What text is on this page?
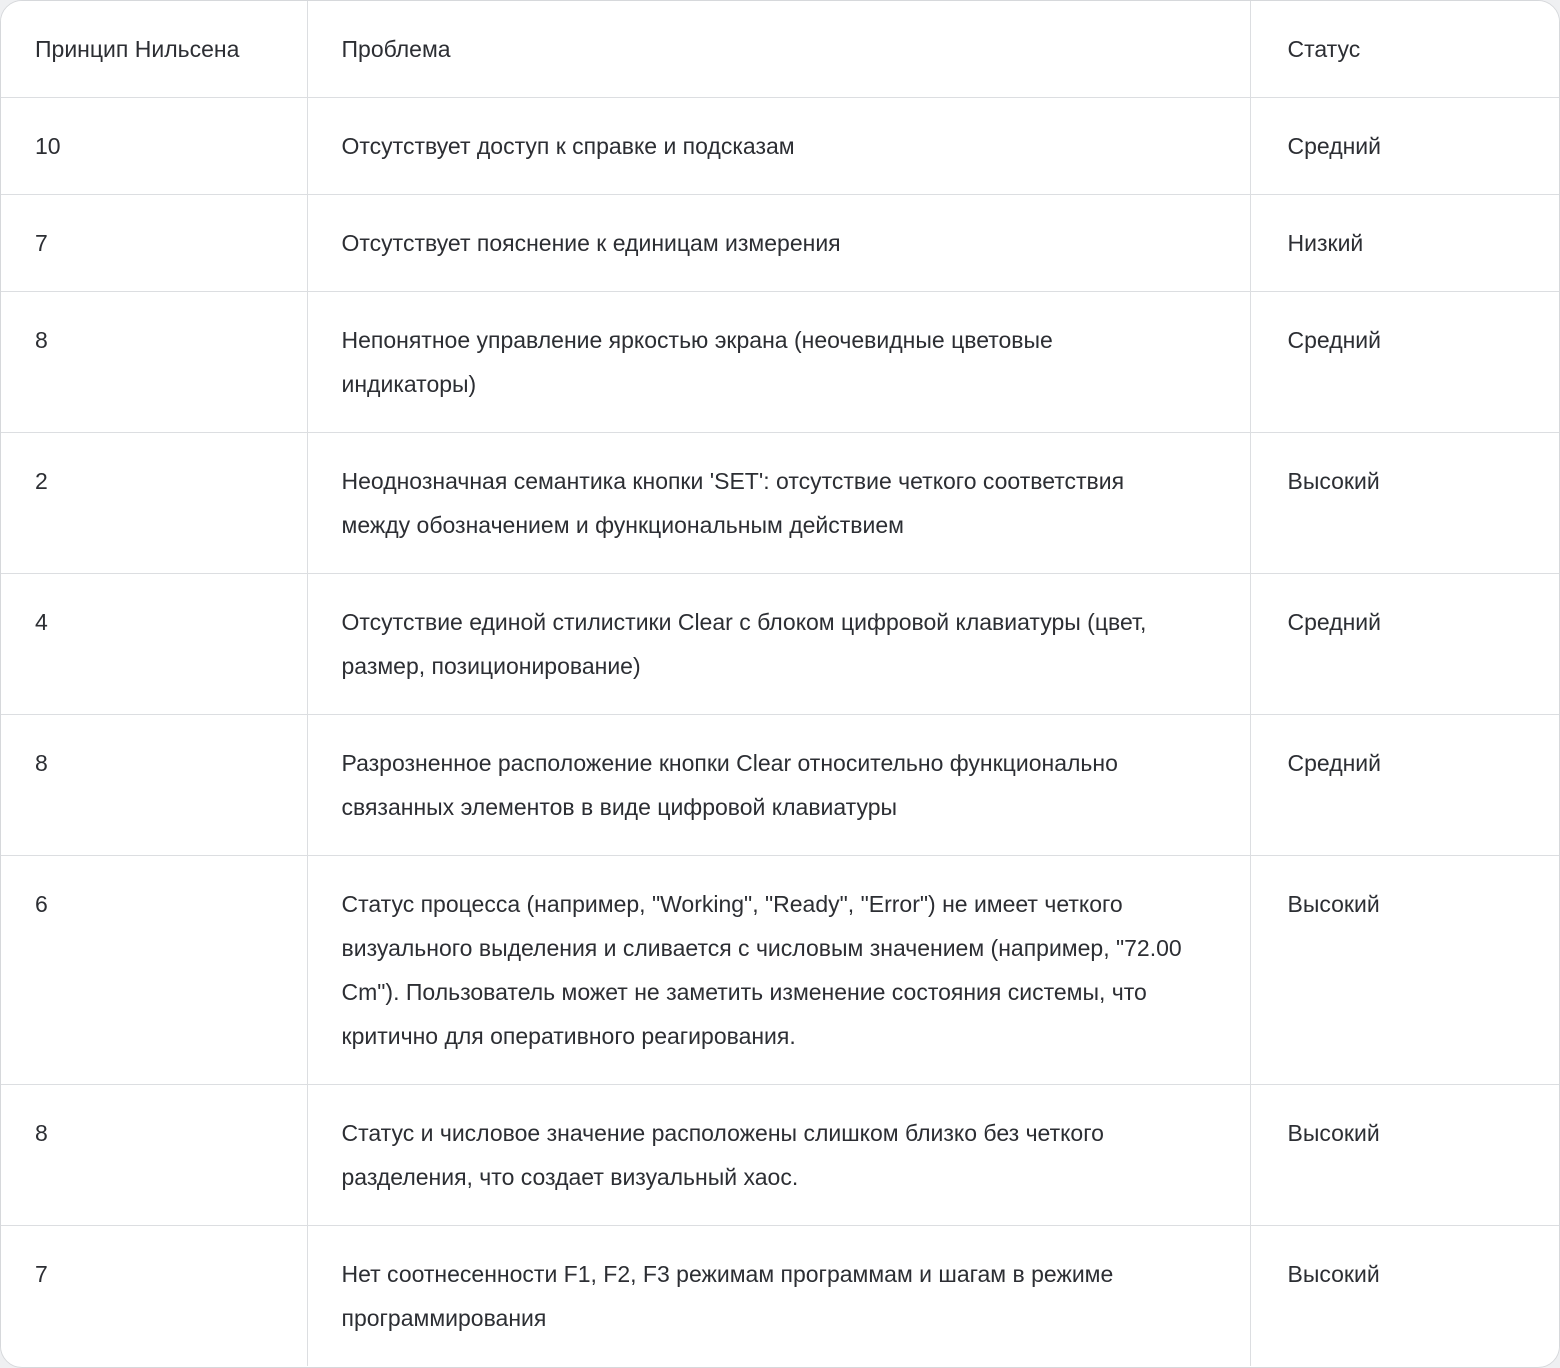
Принцип Нильсена	Проблема	Статус
10	Отсутствует доступ к справке и подсказам	Средний
7	Отсутствует пояснение к единицам измерения	Низкий
8	Непонятное управление яркостью экрана (неочевидные цветовые индикаторы)	Средний
2	Неоднозначная семантика кнопки 'SET': отсутствие четкого соответствия между обозначением и функциональным действием	Высокий
4	Отсутствие единой стилистики Clear с блоком цифровой клавиатуры (цвет, размер, позиционирование)	Средний
8	Разрозненное расположение кнопки Clear относительно функционально связанных элементов в виде цифровой клавиатуры	Средний
6	Статус процесса (например, "Working", "Ready", "Error") не имеет четкого визуального выделения и сливается с числовым значением (например, "72.00 Cm"). Пользователь может не заметить изменение состояния системы, что критично для оперативного реагирования.	Высокий
8	Статус и числовое значение расположены слишком близко без четкого разделения, что создает визуальный хаос.	Высокий
7	Нет соотнесенности F1, F2, F3 режимам программам и шагам в режиме программирования	Высокий
